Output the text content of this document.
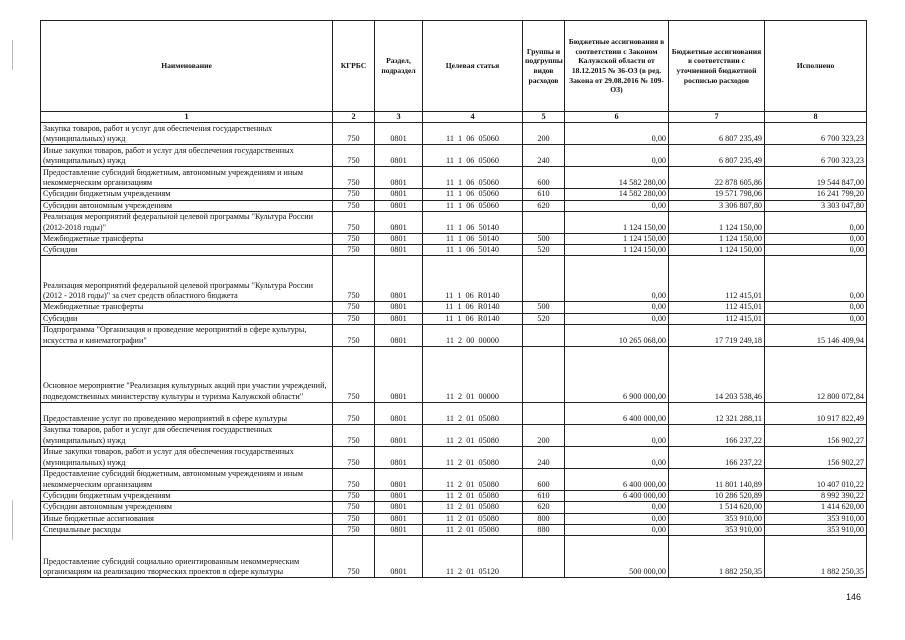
Наименование	КГРБС	Раздел, подраздел	Целевая статья	Группы и подгруппы видов расходов	Бюджетные ассигнования в соответствии с Законом Калужской области от 18.12.2015 № 36-ОЗ (в ред. Закона от 29.08.2016 № 109-ОЗ)	Бюджетные ассигнования в соответствии с уточненной бюджетной росписью расходов	Исполнено
1	2	3	4	5	6	7	8
Закупка товаров, работ и услуг для обеспечения государственных (муниципальных) нужд	750	0801	11  1  06  05060	200	0,00	6 807 235,49	6 700 323,23
Иные закупки товаров, работ и услуг для обеспечения государственных (муниципальных) нужд	750	0801	11  1  06  05060	240	0,00	6 807 235,49	6 700 323,23
Предоставление субсидий бюджетным, автономным учреждениям и иным некоммерческим организациям	750	0801	11  1  06  05060	600	14 582 280,00	22 878 605,86	19 544 847,00
Субсидии бюджетным учреждениям	750	0801	11  1  06  05060	610	14 582 280,00	19 571 798,06	16 241 799,20
Субсидии автономным учреждениям	750	0801	11  1  06  05060	620	0,00	3 306 807,80	3 303 047,80
Реализация мероприятий федеральной целевой программы "Культура России (2012-2018 годы)"	750	0801	11  1  06  50140		1 124 150,00	1 124 150,00	0,00
Межбюджетные трансферты	750	0801	11  1  06  50140	500	1 124 150,00	1 124 150,00	0,00
Субсидии	750	0801	11  1  06  50140	520	1 124 150,00	1 124 150,00	0,00
Реализация мероприятий федеральной целевой программы "Культура России (2012 - 2018 годы)" за счет средств областного бюджета	750	0801	11  1  06  R0140		0,00	112 415,01	0,00
Межбюджетные трансферты	750	0801	11  1  06  R0140	500	0,00	112 415,01	0,00
Субсидии	750	0801	11  1  06  R0140	520	0,00	112 415,01	0,00
Подпрограмма "Организация и проведение мероприятий в сфере культуры, искусства и кинематографии"	750	0801	11  2  00  00000		10 265 068,00	17 719 249,18	15 146 409,94
Основное мероприятие "Реализация культурных акций при участии учреждений, подведомственных министерству культуры и туризма Калужской области"	750	0801	11  2  01  00000		6 900 000,00	14 203 538,46	12 800 072,84
Предоставление услуг по проведению мероприятий в сфере культуры	750	0801	11  2  01  05080		6 400 000,00	12 321 288,11	10 917 822,49
Закупка товаров, работ и услуг для обеспечения государственных (муниципальных) нужд	750	0801	11  2  01  05080	200	0,00	166 237,22	156 902,27
Иные закупки товаров, работ и услуг для обеспечения государственных (муниципальных) нужд	750	0801	11  2  01  05080	240	0,00	166 237,22	156 902,27
Предоставление субсидий бюджетным, автономным учреждениям и иным некоммерческим организациям	750	0801	11  2  01  05080	600	6 400 000,00	11 801 140,89	10 407 010,22
Субсидии бюджетным учреждениям	750	0801	11  2  01  05080	610	6 400 000,00	10 286 520,89	8 992 390,22
Субсидии автономным учреждениям	750	0801	11  2  01  05080	620	0,00	1 514 620,00	1 414 620,00
Иные бюджетные ассигнования	750	0801	11  2  01  05080	800	0,00	353 910,00	353 910,00
Специальные расходы	750	0801	11  2  01  05080	880	0,00	353 910,00	353 910,00
Предоставление субсидий социально ориентированным некоммерческим организациям на реализацию творческих проектов в сфере культуры	750	0801	11  2  01  05120		500 000,00	1 882 250,35	1 882 250,35
146
